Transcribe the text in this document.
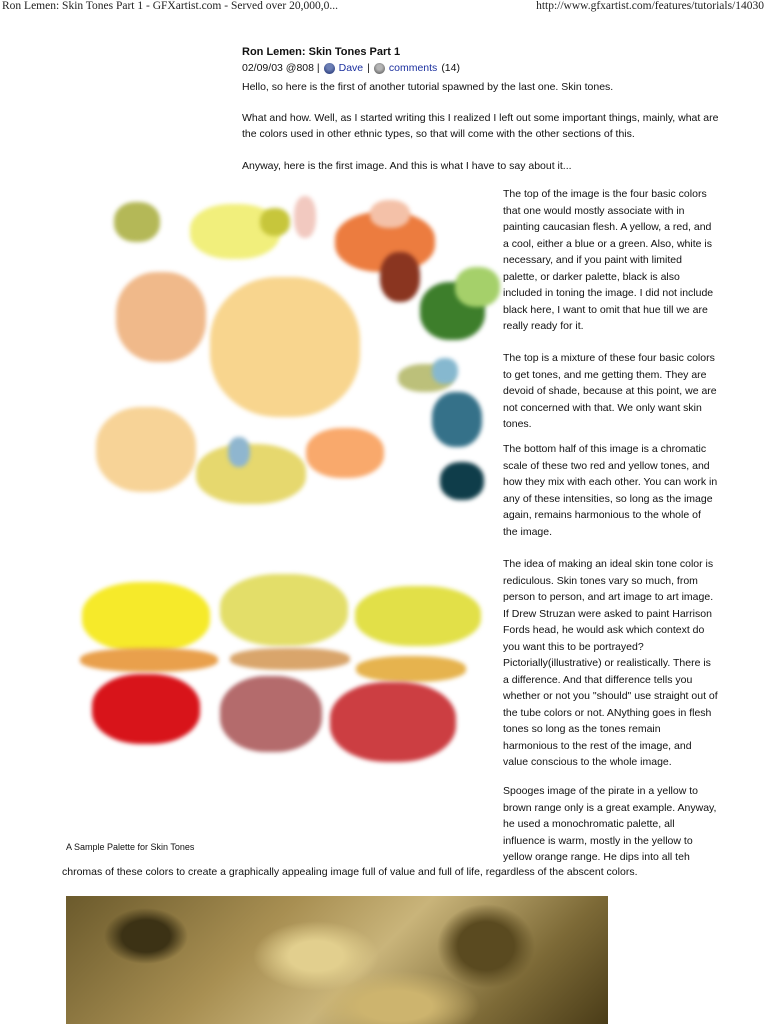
Ron Lemen: Skin Tones Part 1 - GFXartist.com - Served over 20,000,0...	http://www.gfxartist.com/features/tutorials/14030
Ron Lemen: Skin Tones Part 1
02/09/03 @808 | Dave | comments (14)

Hello, so here is the first of another tutorial spawned by the last one. Skin tones.

What and how. Well, as I started writing this I realized I left out some important things, mainly, what are the colors used in other ethnic types, so that will come with the other sections of this.

Anyway, here is the first image. And this is what I have to say about it...

The top of the image is the four basic colors that one would mostly associate with in painting caucasian flesh. A yellow, a red, and a cool, either a blue or a green. Also, white is necessary, and if you paint with limited palette, or darker palette, black is also included in toning the image. I did not include black here, I want to omit that hue till we are really ready for it.

The top is a mixture of these four basic colors to get tones, and me getting them. They are devoid of shade, because at this point, we are not concerned with that. We only want skin tones.

The bottom half of this image is a chromatic scale of these two red and yellow tones, and how they mix with each other. You can work in any of these intensities, so long as the image again, remains harmonious to the whole of the image.

The idea of making an ideal skin tone color is rediculous. Skin tones vary so much, from person to person, and art image to art image. If Drew Struzan were asked to paint Harrison Fords head, he would ask which context do you want this to be portrayed? Pictorially(illustrative) or realistically. There is a difference. And that difference tells you whether or not you "should" use straight out of the tube colors or not. ANything goes in flesh tones so long as the tones remain harmonious to the rest of the image, and value conscious to the whole image.

Spooges image of the pirate in a yellow to brown range only is a great example. Anyway, he used a monochromatic palette, all influence is warm, mostly in the yellow to yellow orange range. He dips into all teh

A Sample Palette for Skin Tones

chromas of these colors to create a graphically appealing image full of value and full of life, regardless of the abscent colors.
